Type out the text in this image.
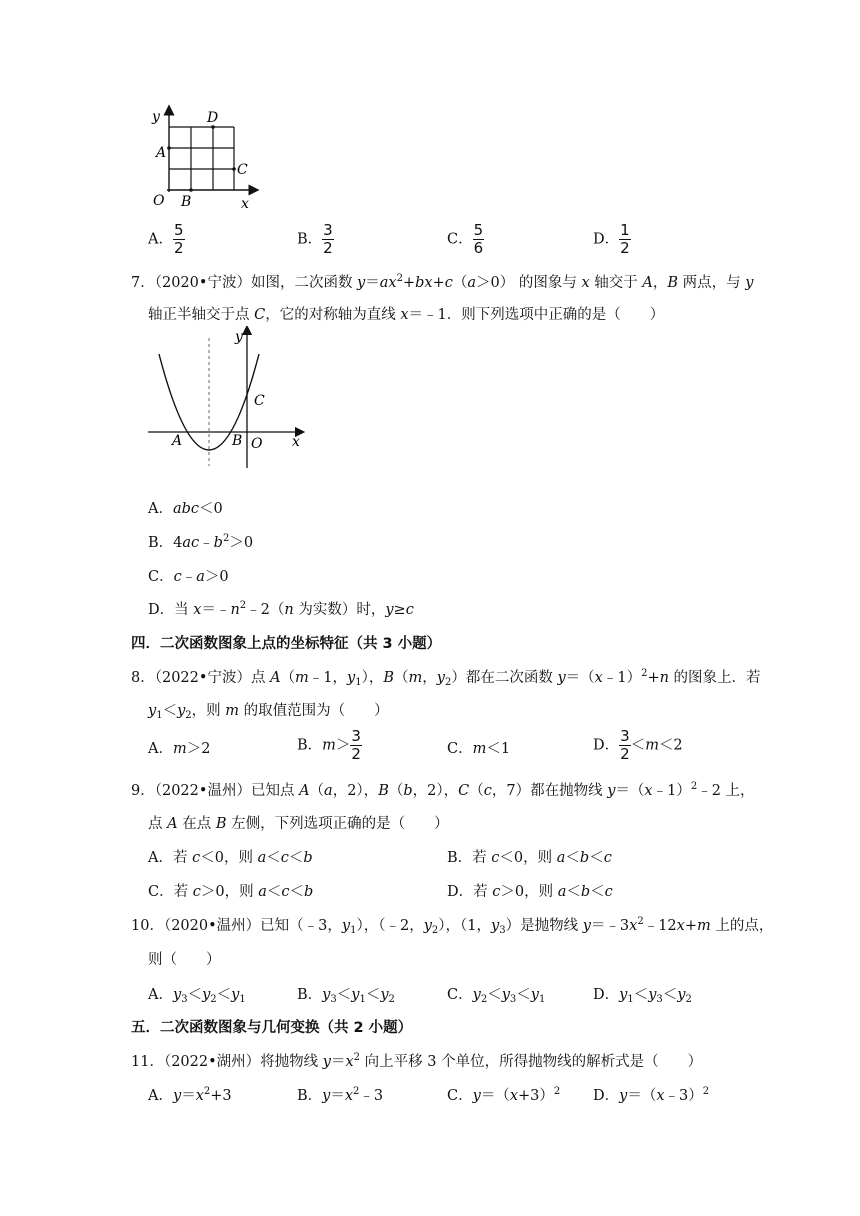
y
x
O
A
B
C
D
A． $\frac{5}{2}$	B． $\frac{3}{2}$	C． $\frac{5}{6}$	D． $\frac{1}{2}$
7．（2020•宁波）如图，二次函数 $y=ax^2+bx+c(a>0)$ 的图象与 x 轴交于 A，B 两点，与 y
轴正半轴交于点 C，它的对称轴为直线 x＝﹣1．则下列选项中正确的是（　　）
y
x
A	B
C
O
A．abc＜0
B．$4ac﹣b^2>0$
C．c﹣a＞0
D．当 $x=﹣n^2﹣2(n$ 为实数）时，y≥c
四．二次函数图象上点的坐标特征（共 3 小题）
8．（2022•宁波）点 A（m﹣1，$y_1$），B（m，$y_2$）都在二次函数 y＝（x﹣1）$^2$+n 的图象上．若
$y_1<y_2$，则 m 的取值范围为（　　）
A．m＞2	B．$m> \frac{3}{2}$	C．m＜1	D． $\frac{3}{2} <m<2$
9．（2022•温州）已知点 A（a，2），B（b，2），C（c，7）都在抛物线 y＝（x﹣1）$^2$﹣2 上，
点 A 在点 B 左侧，下列选项正确的是（　　）
A．若 c＜0，则 a＜c＜b	B．若 c＜0，则 a＜b＜c
C．若 c＞0，则 a＜c＜b	D．若 c＞0，则 a＜b＜c
10．（2020•温州）已知（﹣3，$y_1$），（﹣2，$y_2$），（1，$y_3$）是抛物线 $y=﹣3x^2﹣12x+m$ 上的点，
则（　　）
A．$y_3<y_2<y_1$	B．$y_3<y_1<y_2$	C．$y_2<y_3<y_1$	D．$y_1<y_3<y_2$
五．二次函数图象与几何变换（共 2 小题）
11．（2022•湖州）将抛物线 $y=x^2$ 向上平移 3 个单位，所得抛物线的解析式是（　　）
A．$y=x^2+3$	B．$y=x^2﹣3$	C．$y=(x+3)^2$ D．y＝（x﹣3）$^2$
